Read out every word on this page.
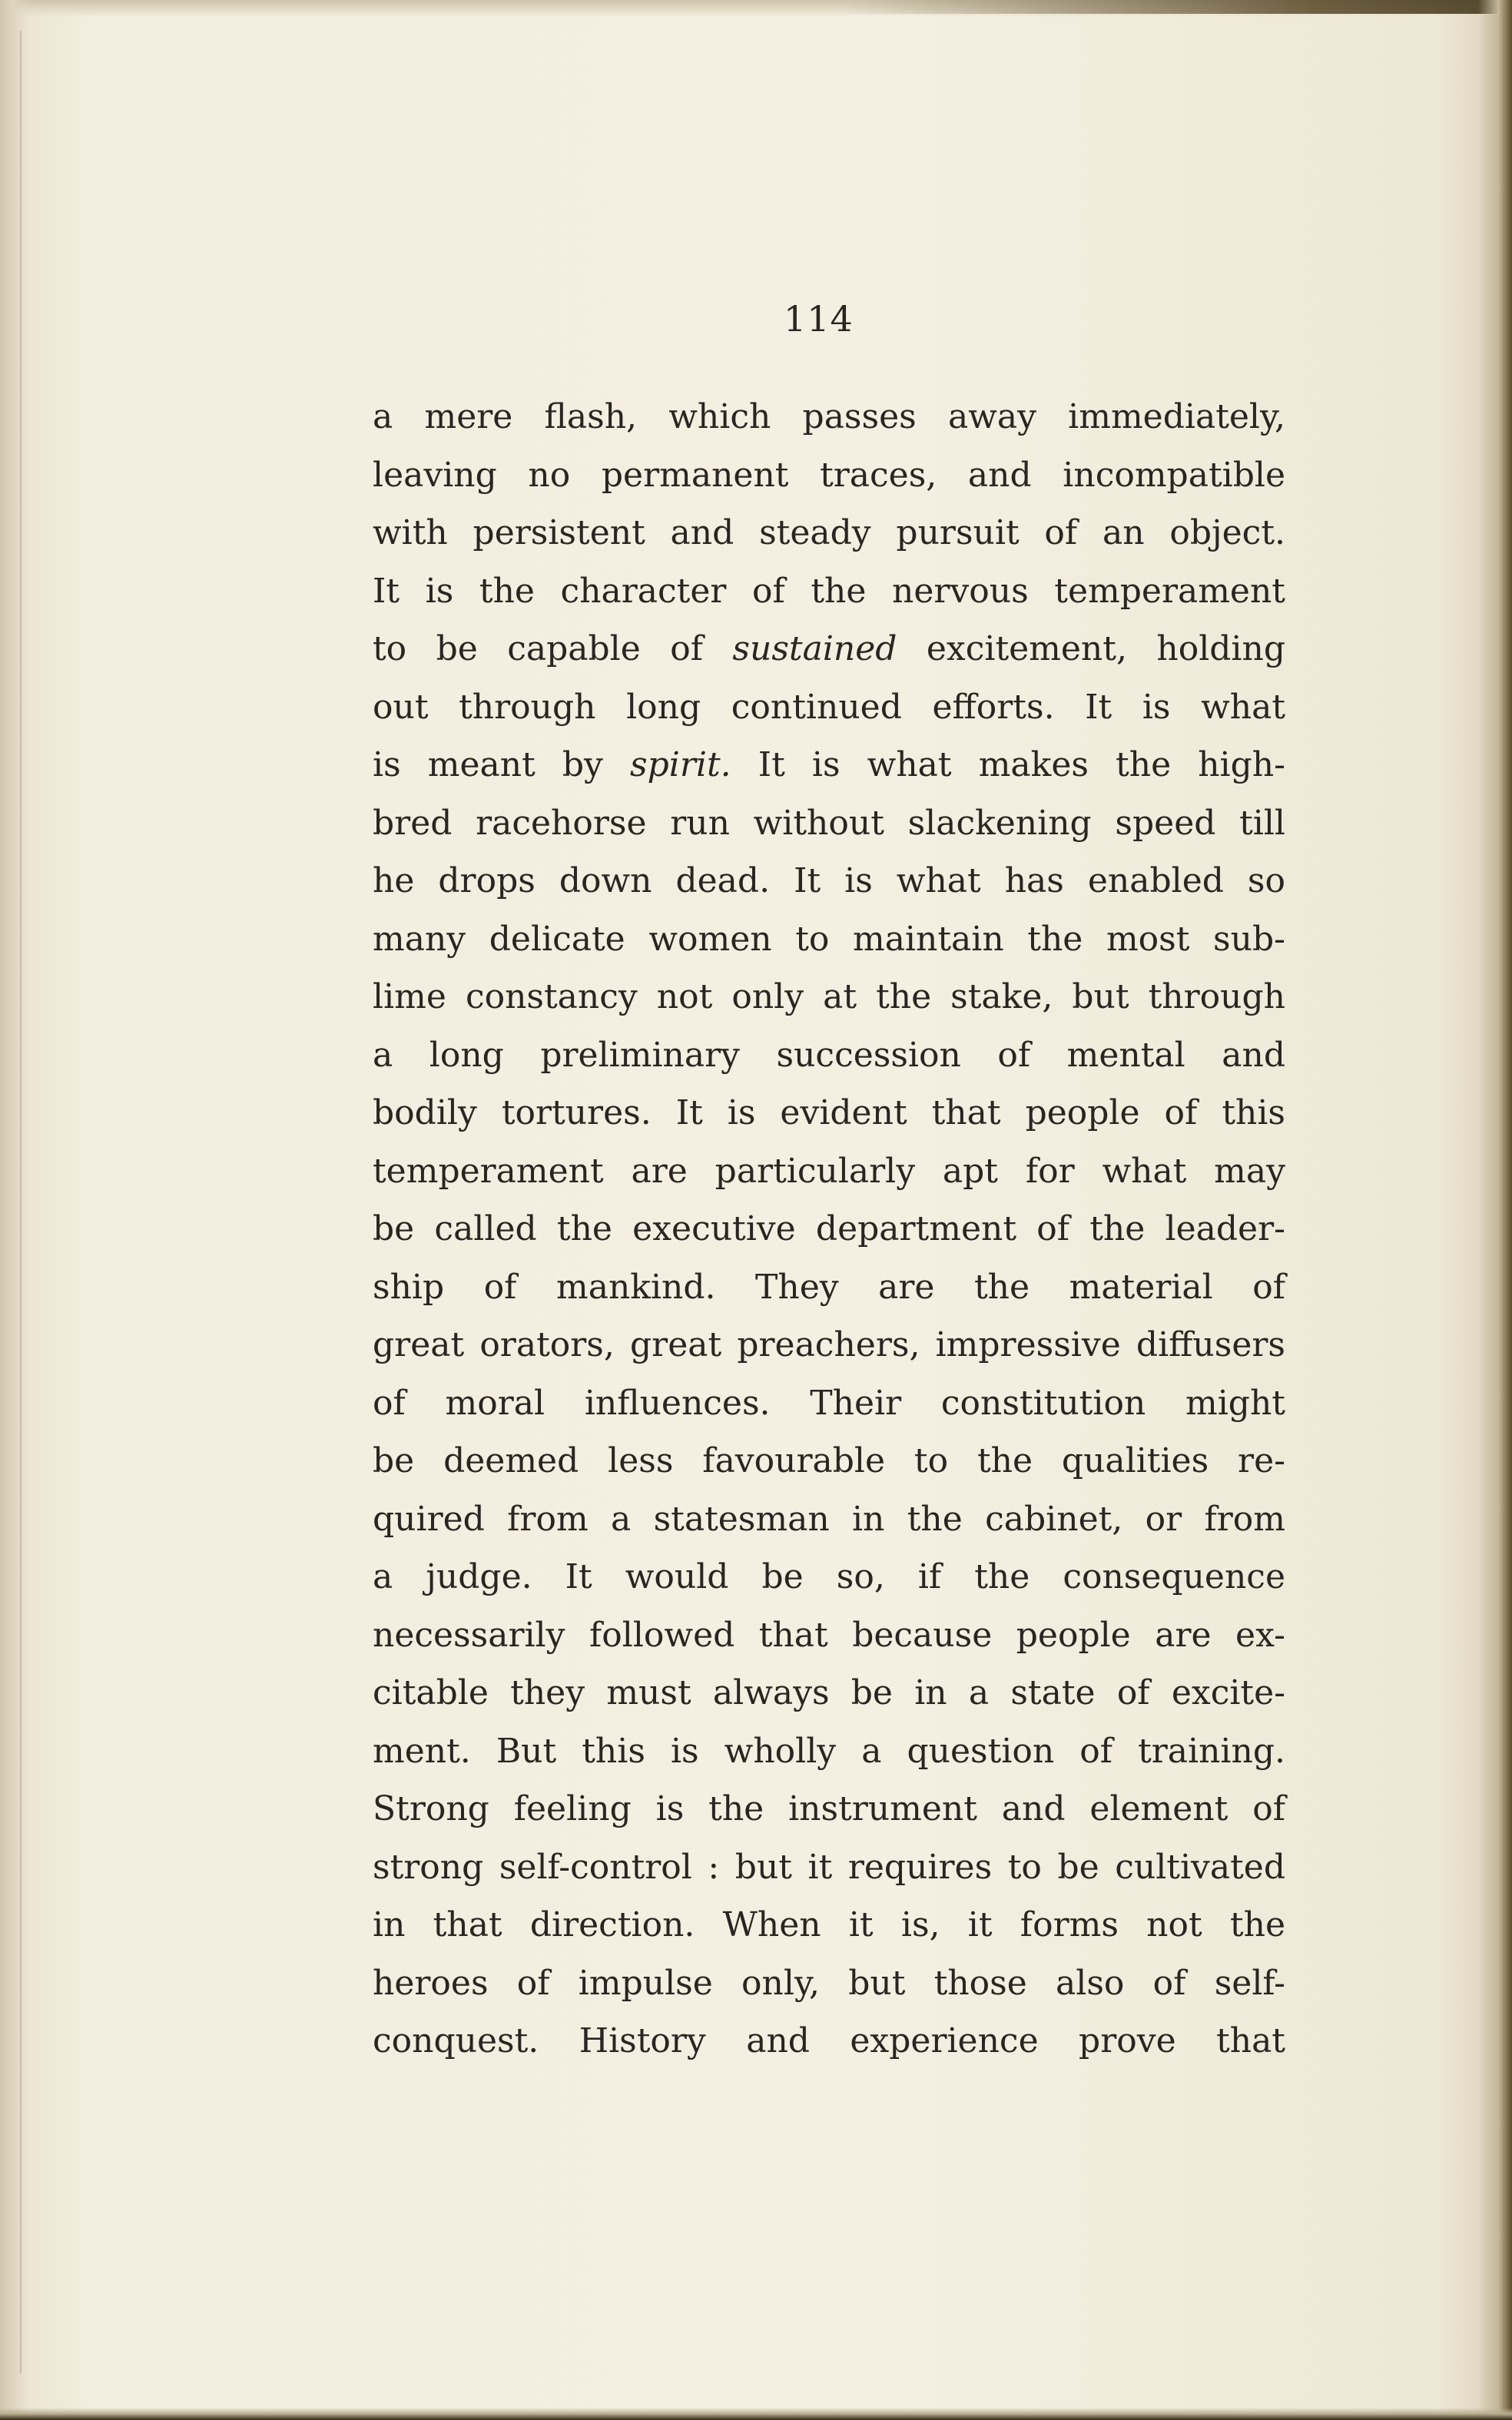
114
a mere flash, which passes away immediately,
leaving no permanent traces, and incompatible
with persistent and steady pursuit of an object.
It is the character of the nervous temperament
to be capable of sustained excitement, holding
out through long continued efforts. It is what
is meant by spirit. It is what makes the high-
bred racehorse run without slackening speed till
he drops down dead. It is what has enabled so
many delicate women to maintain the most sub-
lime constancy not only at the stake, but through
a long preliminary succession of mental and
bodily tortures. It is evident that people of this
temperament are particularly apt for what may
be called the executive department of the leader-
ship of mankind. They are the material of
great orators, great preachers, impressive diffusers
of moral influences. Their constitution might
be deemed less favourable to the qualities re-
quired from a statesman in the cabinet, or from
a judge. It would be so, if the consequence
necessarily followed that because people are ex-
citable they must always be in a state of excite-
ment. But this is wholly a question of training.
Strong feeling is the instrument and element of
strong self-control : but it requires to be cultivated
in that direction. When it is, it forms not the
heroes of impulse only, but those also of self-
conquest. History and experience prove that
